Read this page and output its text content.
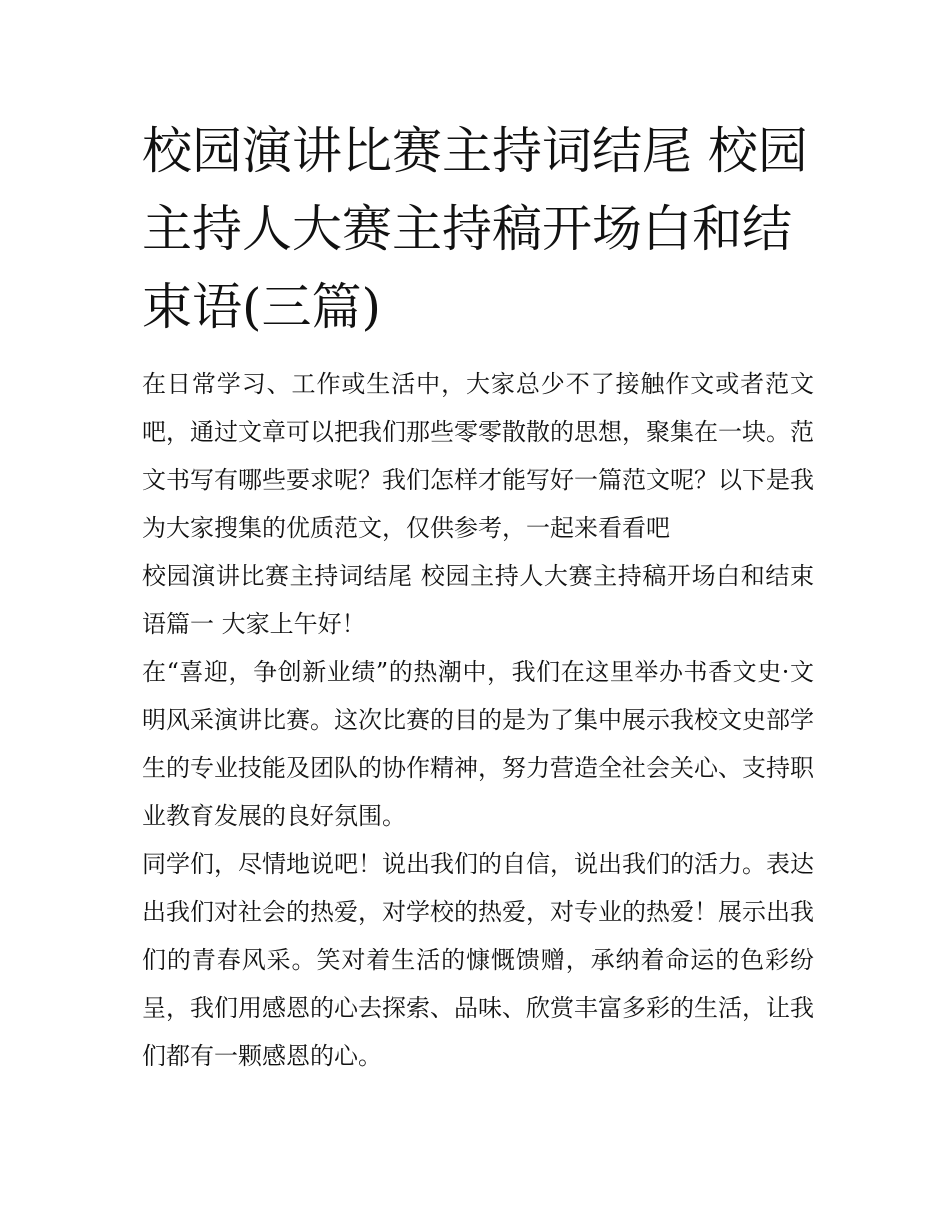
校园演讲比赛主持词结尾 校园主持人大赛主持稿开场白和结束语(三篇)

在日常学习、工作或生活中，大家总少不了接触作文或者范文吧，通过文章可以把我们那些零零散散的思想，聚集在一块。范文书写有哪些要求呢？我们怎样才能写好一篇范文呢？以下是我为大家搜集的优质范文，仅供参考，一起来看看吧

校园演讲比赛主持词结尾 校园主持人大赛主持稿开场白和结束语篇一 大家上午好！

在“喜迎，争创新业绩”的热潮中，我们在这里举办书香文史·文明风采演讲比赛。这次比赛的目的是为了集中展示我校文史部学生的专业技能及团队的协作精神，努力营造全社会关心、支持职业教育发展的良好氛围。

同学们，尽情地说吧！说出我们的自信，说出我们的活力。表达出我们对社会的热爱，对学校的热爱，对专业的热爱！展示出我们的青春风采。笑对着生活的慷慨馈赠，承纳着命运的色彩纷呈，我们用感恩的心去探索、品味、欣赏丰富多彩的生活，让我们都有一颗感恩的心。
